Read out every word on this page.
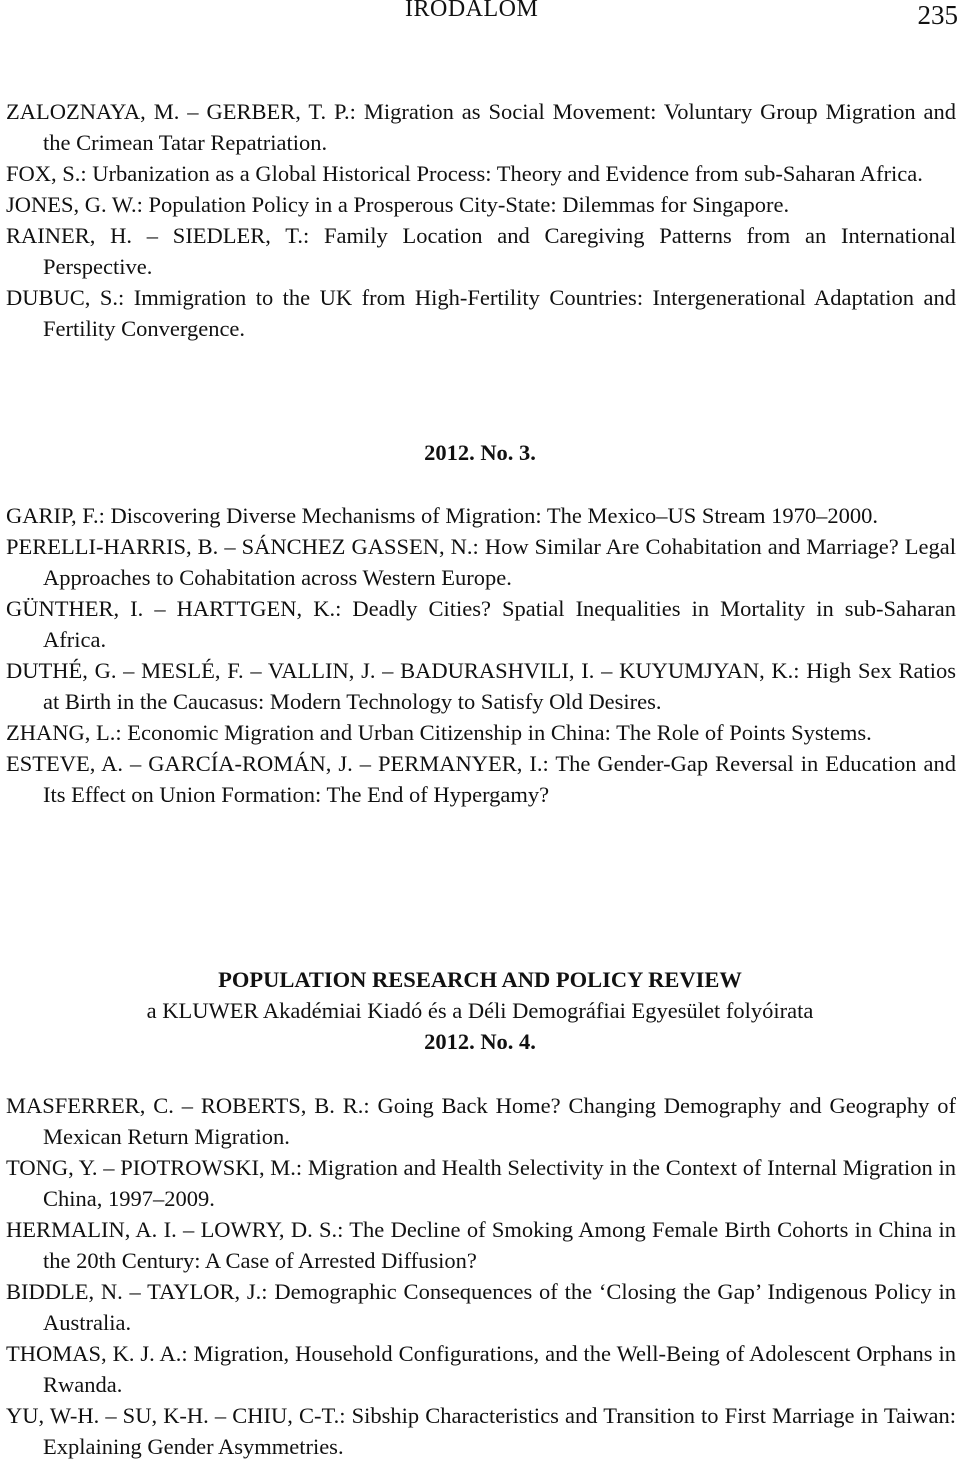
IRODALOM	235
ZALOZNAYA, M. – GERBER, T. P.: Migration as Social Movement: Voluntary Group Migration and the Crimean Tatar Repatriation.
FOX, S.: Urbanization as a Global Historical Process: Theory and Evidence from sub-Saharan Africa.
JONES, G. W.: Population Policy in a Prosperous City-State: Dilemmas for Singapore.
RAINER, H. – SIEDLER, T.: Family Location and Caregiving Patterns from an International Perspective.
DUBUC, S.: Immigration to the UK from High-Fertility Countries: Intergenerational Adaptation and Fertility Convergence.
2012. No. 3.
GARIP, F.: Discovering Diverse Mechanisms of Migration: The Mexico–US Stream 1970–2000.
PERELLI-HARRIS, B. – SÁNCHEZ GASSEN, N.: How Similar Are Cohabitation and Marriage? Legal Approaches to Cohabitation across Western Europe.
GÜNTHER, I. – HARTTGEN, K.: Deadly Cities? Spatial Inequalities in Mortality in sub-Saharan Africa.
DUTHÉ, G. – MESLÉ, F. – VALLIN, J. – BADURASHVILI, I. – KUYUMJYAN, K.: High Sex Ratios at Birth in the Caucasus: Modern Technology to Satisfy Old Desires.
ZHANG, L.: Economic Migration and Urban Citizenship in China: The Role of Points Systems.
ESTEVE, A. – GARCÍA-ROMÁN, J. – PERMANYER, I.: The Gender-Gap Reversal in Education and Its Effect on Union Formation: The End of Hypergamy?
POPULATION RESEARCH AND POLICY REVIEW
a KLUWER Akadémiai Kiadó és a Déli Demográfiai Egyesület folyóirata
2012. No. 4.
MASFERRER, C. – ROBERTS, B. R.: Going Back Home? Changing Demography and Geography of Mexican Return Migration.
TONG, Y. – PIOTROWSKI, M.: Migration and Health Selectivity in the Context of Internal Migration in China, 1997–2009.
HERMALIN, A. I. – LOWRY, D. S.: The Decline of Smoking Among Female Birth Cohorts in China in the 20th Century: A Case of Arrested Diffusion?
BIDDLE, N. – TAYLOR, J.: Demographic Consequences of the ‘Closing the Gap’ Indigenous Policy in Australia.
THOMAS, K. J. A.: Migration, Household Configurations, and the Well-Being of Adolescent Orphans in Rwanda.
YU, W-H. – SU, K-H. – CHIU, C-T.: Sibship Characteristics and Transition to First Marriage in Taiwan: Explaining Gender Asymmetries.
